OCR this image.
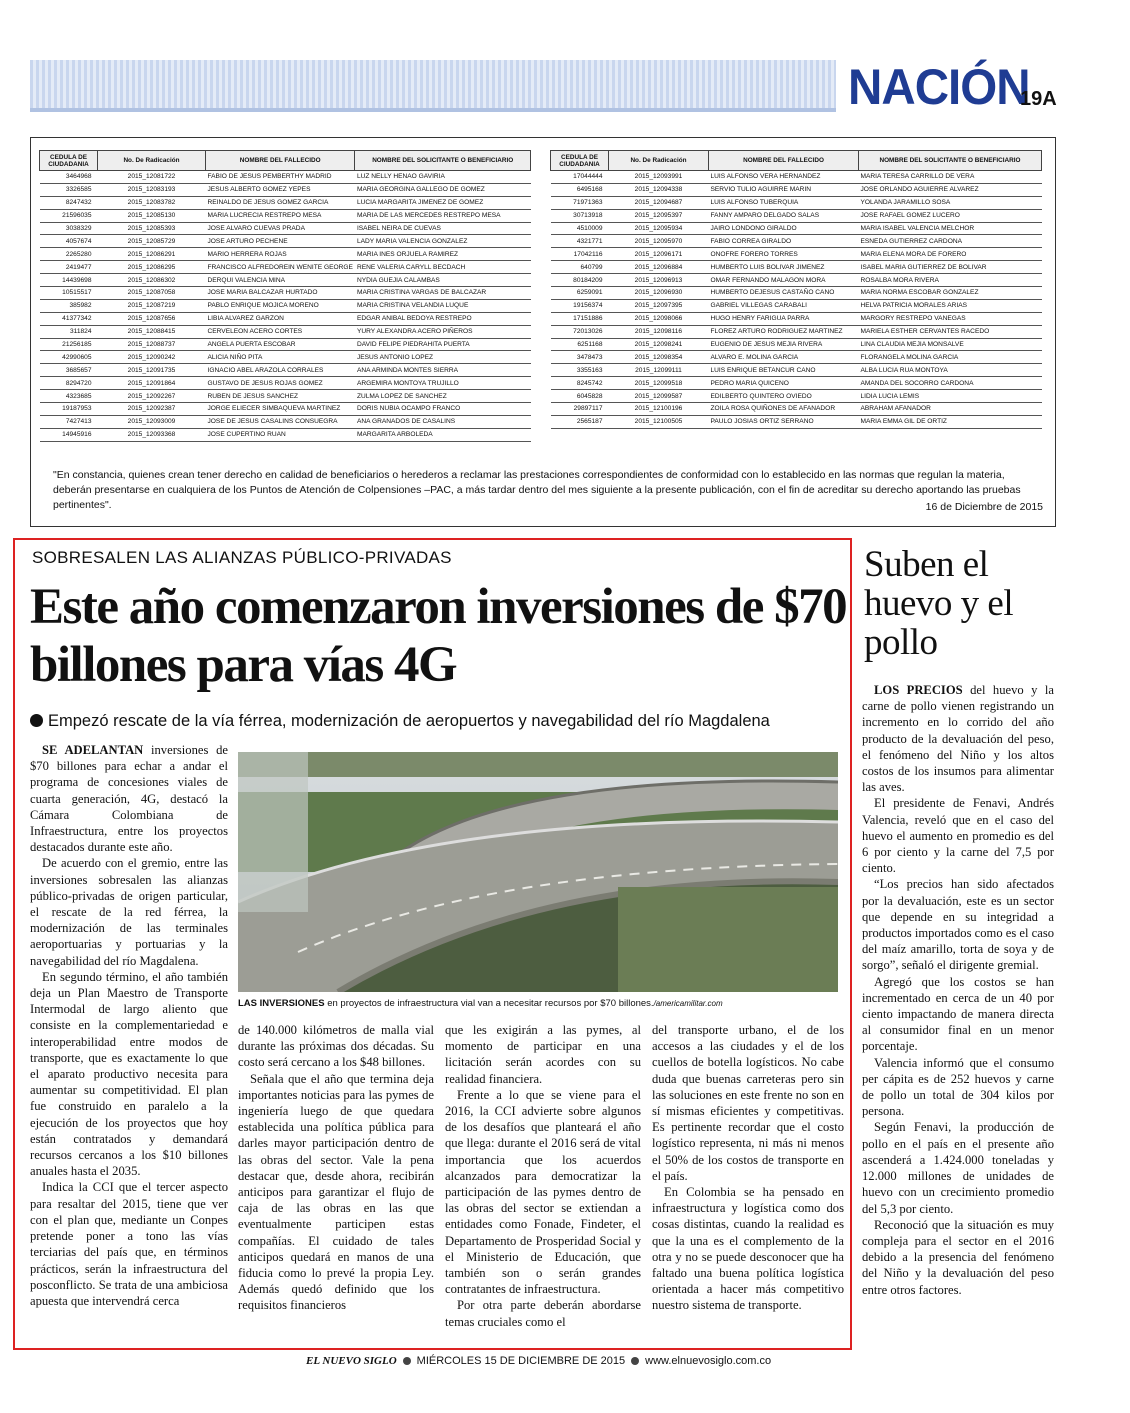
NACIÓN
19A
CEDULA DE CIUDADANIA	No. De Radicación	NOMBRE DEL FALLECIDO	NOMBRE DEL SOLICITANTE O BENEFICIARIO
3464968	2015_12081722	FABIO DE JESUS PEMBERTHY MADRID	LUZ NELLY HENAO GAVIRIA
3326585	2015_12083193	JESUS ALBERTO GOMEZ YEPES	MARIA GEORGINA GALLEGO DE GOMEZ
8247432	2015_12083782	REINALDO DE JESUS GOMEZ GARCIA	LUCIA MARGARITA JIMENEZ DE GOMEZ
21596035	2015_12085130	MARIA LUCRECIA RESTREPO MESA	MARIA DE LAS MERCEDES RESTREPO MESA
3038329	2015_12085393	JOSE ALVARO CUEVAS PRADA	ISABEL NEIRA DE CUEVAS
4057674	2015_12085729	JOSE ARTURO PECHENE	LADY MARIA VALENCIA GONZALEZ
2265280	2015_12086291	MARIO HERRERA ROJAS	MARIA INES ORJUELA RAMIREZ
2419477	2015_12086295	FRANCISCO ALFREDOREIN WENITE GEORGE	RENE VALERIA CARYLL BECDACH
14439698	2015_12086302	DERQUI VALENCIA MINA	NYDIA GUEJIA CALAMBAS
10515517	2015_12087058	JOSE MARIA BALCAZAR HURTADO	MARIA CRISTINA VARGAS DE BALCAZAR
385982	2015_12087219	PABLO ENRIQUE MOJICA MORENO	MARIA CRISTINA VELANDIA LUQUE
41377342	2015_12087656	LIBIA ALVAREZ GARZON	EDGAR ANIBAL BEDOYA RESTREPO
311824	2015_12088415	CERVELEON ACERO CORTES	YURY ALEXANDRA ACERO PIÑEROS
21256185	2015_12088737	ANGELA PUERTA ESCOBAR	DAVID FELIPE PIEDRAHITA PUERTA
42990605	2015_12090242	ALICIA NIÑO PITA	JESUS ANTONIO LOPEZ
3685657	2015_12091735	IGNACIO ABEL ARAZOLA CORRALES	ANA ARMINDA MONTES SIERRA
8294720	2015_12091864	GUSTAVO DE JESUS ROJAS GOMEZ	ARGEMIRA MONTOYA TRUJILLO
4323685	2015_12092267	RUBEN DE JESUS SANCHEZ	ZULMA LOPEZ DE SANCHEZ
19187953	2015_12092387	JORGE ELIECER SIMBAQUEVA MARTINEZ	DORIS NUBIA OCAMPO FRANCO
7427413	2015_12093009	JOSE DE JESUS CASALINS CONSUEGRA	ANA GRANADOS DE CASALINS
14945916	2015_12093368	JOSE CUPERTINO RUAN	MARGARITA ARBOLEDA
CEDULA DE CIUDADANIA	No. De Radicación	NOMBRE DEL FALLECIDO	NOMBRE DEL SOLICITANTE O BENEFICIARIO
17044444	2015_12093991	LUIS ALFONSO VERA HERNANDEZ	MARIA TERESA CARRILLO DE VERA
6495168	2015_12094338	SERVIO TULIO AGUIRRE MARIN	JOSE ORLANDO AGUIERRE ALVAREZ
71971363	2015_12094687	LUIS ALFONSO TUBERQUIA	YOLANDA JARAMILLO SOSA
30713918	2015_12095397	FANNY AMPARO DELGADO SALAS	JOSE RAFAEL GOMEZ LUCERO
4510009	2015_12095934	JAIRO LONDONO GIRALDO	MARIA ISABEL VALENCIA MELCHOR
4321771	2015_12095970	FABIO CORREA GIRALDO	ESNEDA GUTIERREZ CARDONA
17042116	2015_12096171	ONOFRE FORERO TORRES	MARIA ELENA MORA DE FORERO
640799	2015_12096884	HUMBERTO LUIS BOLIVAR JIMENEZ	ISABEL MARIA GUTIERREZ DE BOLIVAR
80184209	2015_12096913	OMAR FERNANDO MALAGON MORA	ROSALBA MORA RIVERA
6259091	2015_12096930	HUMBERTO DEJESUS CASTAÑO CANO	MARIA NORMA ESCOBAR GONZALEZ
19156374	2015_12097395	GABRIEL VILLEGAS CARABALI	HELVA PATRICIA MORALES ARIAS
17151886	2015_12098066	HUGO HENRY FARIGUA PARRA	MARGORY RESTREPO VANEGAS
72013026	2015_12098116	FLOREZ ARTURO RODRIGUEZ MARTINEZ	MARIELA ESTHER CERVANTES RACEDO
6251168	2015_12098241	EUGENIO DE JESUS MEJIA RIVERA	LINA CLAUDIA MEJIA MONSALVE
3478473	2015_12098354	ALVARO E. MOLINA GARCIA	FLORANGELA MOLINA GARCIA
3355163	2015_12099111	LUIS ENRIQUE BETANCUR CANO	ALBA LUCIA RUA MONTOYA
8245742	2015_12099518	PEDRO MARIA QUICENO	AMANDA DEL SOCORRO CARDONA
6045828	2015_12099587	EDILBERTO QUINTERO OVIEDO	LIDIA LUCIA LEMIS
29897117	2015_12100196	ZOILA ROSA QUIÑONES DE AFANADOR	ABRAHAM AFANADOR
2565187	2015_12100505	PAULO JOSIAS ORTIZ SERRANO	MARIA EMMA GIL DE ORTIZ
"En constancia, quienes crean tener derecho en calidad de beneficiarios o herederos a reclamar las prestaciones correspondientes de conformidad con lo establecido en las normas que regulan la materia, deberán presentarse en cualquiera de los Puntos de Atención de Colpensiones –PAC, a más tardar dentro del mes siguiente a la presente publicación, con el fin de acreditar su derecho aportando las pruebas pertinentes".	16 de Diciembre de 2015
SOBRESALEN LAS ALIANZAS PÚBLICO-PRIVADAS
Este año comenzaron inversiones de $70 billones para vías 4G
Empezó rescate de la vía férrea, modernización de aeropuertos y navegabilidad del río Magdalena

SE ADELANTAN inversiones de $70 billones para echar a andar el programa de concesiones viales de cuarta generación, 4G, destacó la Cámara Colombiana de Infraestructura, entre los proyectos destacados durante este año.

De acuerdo con el gremio, entre las inversiones sobresalen las alianzas público-privadas de origen particular, el rescate de la red férrea, la modernización de las terminales aeroportuarias y portuarias y la navegabilidad del río Magdalena.

En segundo término, el año también deja un Plan Maestro de Transporte Intermodal de largo aliento que consiste en la complementariedad e interoperabilidad entre modos de transporte, que es exactamente lo que el aparato productivo necesita para aumentar su competitividad. El plan fue construido en paralelo a la ejecución de los proyectos que hoy están contratados y demandará recursos cercanos a los $10 billones anuales hasta el 2035.

Indica la CCI que el tercer aspecto para resaltar del 2015, tiene que ver con el plan que, mediante un Conpes pretende poner a tono las vías terciarias del país que, en términos prácticos, serán la infraestructura del posconflicto. Se trata de una ambiciosa apuesta que intervendrá cerca

LAS INVERSIONES en proyectos de infraestructura vial van a necesitar recursos por $70 billones./americamilitar.com

de 140.000 kilómetros de malla vial durante las próximas dos décadas. Su costo será cercano a los $48 billones.

Señala que el año que termina deja importantes noticias para las pymes de ingeniería luego de que quedara establecida una política pública para darles mayor participación dentro de las obras del sector. Vale la pena destacar que, desde ahora, recibirán anticipos para garantizar el flujo de caja de las obras en las que eventualmente participen estas compañías. El cuidado de tales anticipos quedará en manos de una fiducia como lo prevé la propia Ley. Además quedó definido que los requisitos financieros

que les exigirán a las pymes, al momento de participar en una licitación serán acordes con su realidad financiera.

Frente a lo que se viene para el 2016, la CCI advierte sobre algunos de los desafíos que planteará el año que llega: durante el 2016 será de vital importancia que los acuerdos alcanzados para democratizar la participación de las pymes dentro de las obras del sector se extiendan a entidades como Fonade, Findeter, el Departamento de Prosperidad Social y el Ministerio de Educación, que también son o serán grandes contratantes de infraestructura.

Por otra parte deberán abordarse temas cruciales como el

del transporte urbano, el de los accesos a las ciudades y el de los cuellos de botella logísticos. No cabe duda que buenas carreteras pero sin las soluciones en este frente no son en sí mismas eficientes y competitivas. Es pertinente recordar que el costo logístico representa, ni más ni menos el 50% de los costos de transporte en el país.

En Colombia se ha pensado en infraestructura y logística como dos cosas distintas, cuando la realidad es que la una es el complemento de la otra y no se puede desconocer que ha faltado una buena política logística orientada a hacer más competitivo nuestro sistema de transporte.

Suben el huevo y el pollo

LOS PRECIOS del huevo y la carne de pollo vienen registrando un incremento en lo corrido del año producto de la devaluación del peso, el fenómeno del Niño y los altos costos de los insumos para alimentar las aves.

El presidente de Fenavi, Andrés Valencia, reveló que en el caso del huevo el aumento en promedio es del 6 por ciento y la carne del 7,5 por ciento.

“Los precios han sido afectados por la devaluación, este es un sector que depende en su integridad a productos importados como es el caso del maíz amarillo, torta de soya y de sorgo”, señaló el dirigente gremial.

Agregó que los costos se han incrementado en cerca de un 40 por ciento impactando de manera directa al consumidor final en un menor porcentaje.

Valencia informó que el consumo per cápita es de 252 huevos y carne de pollo un total de 304 kilos por persona.

Según Fenavi, la producción de pollo en el país en el presente año ascenderá a 1.424.000 toneladas y 12.000 millones de unidades de huevo con un crecimiento promedio del 5,3 por ciento.

Reconoció que la situación es muy compleja para el sector en el 2016 debido a la presencia del fenómeno del Niño y la devaluación del peso entre otros factores.

EL NUEVO SIGLO MIÉRCOLES 15 DE DICIEMBRE DE 2015 www.elnuevosiglo.com.co
